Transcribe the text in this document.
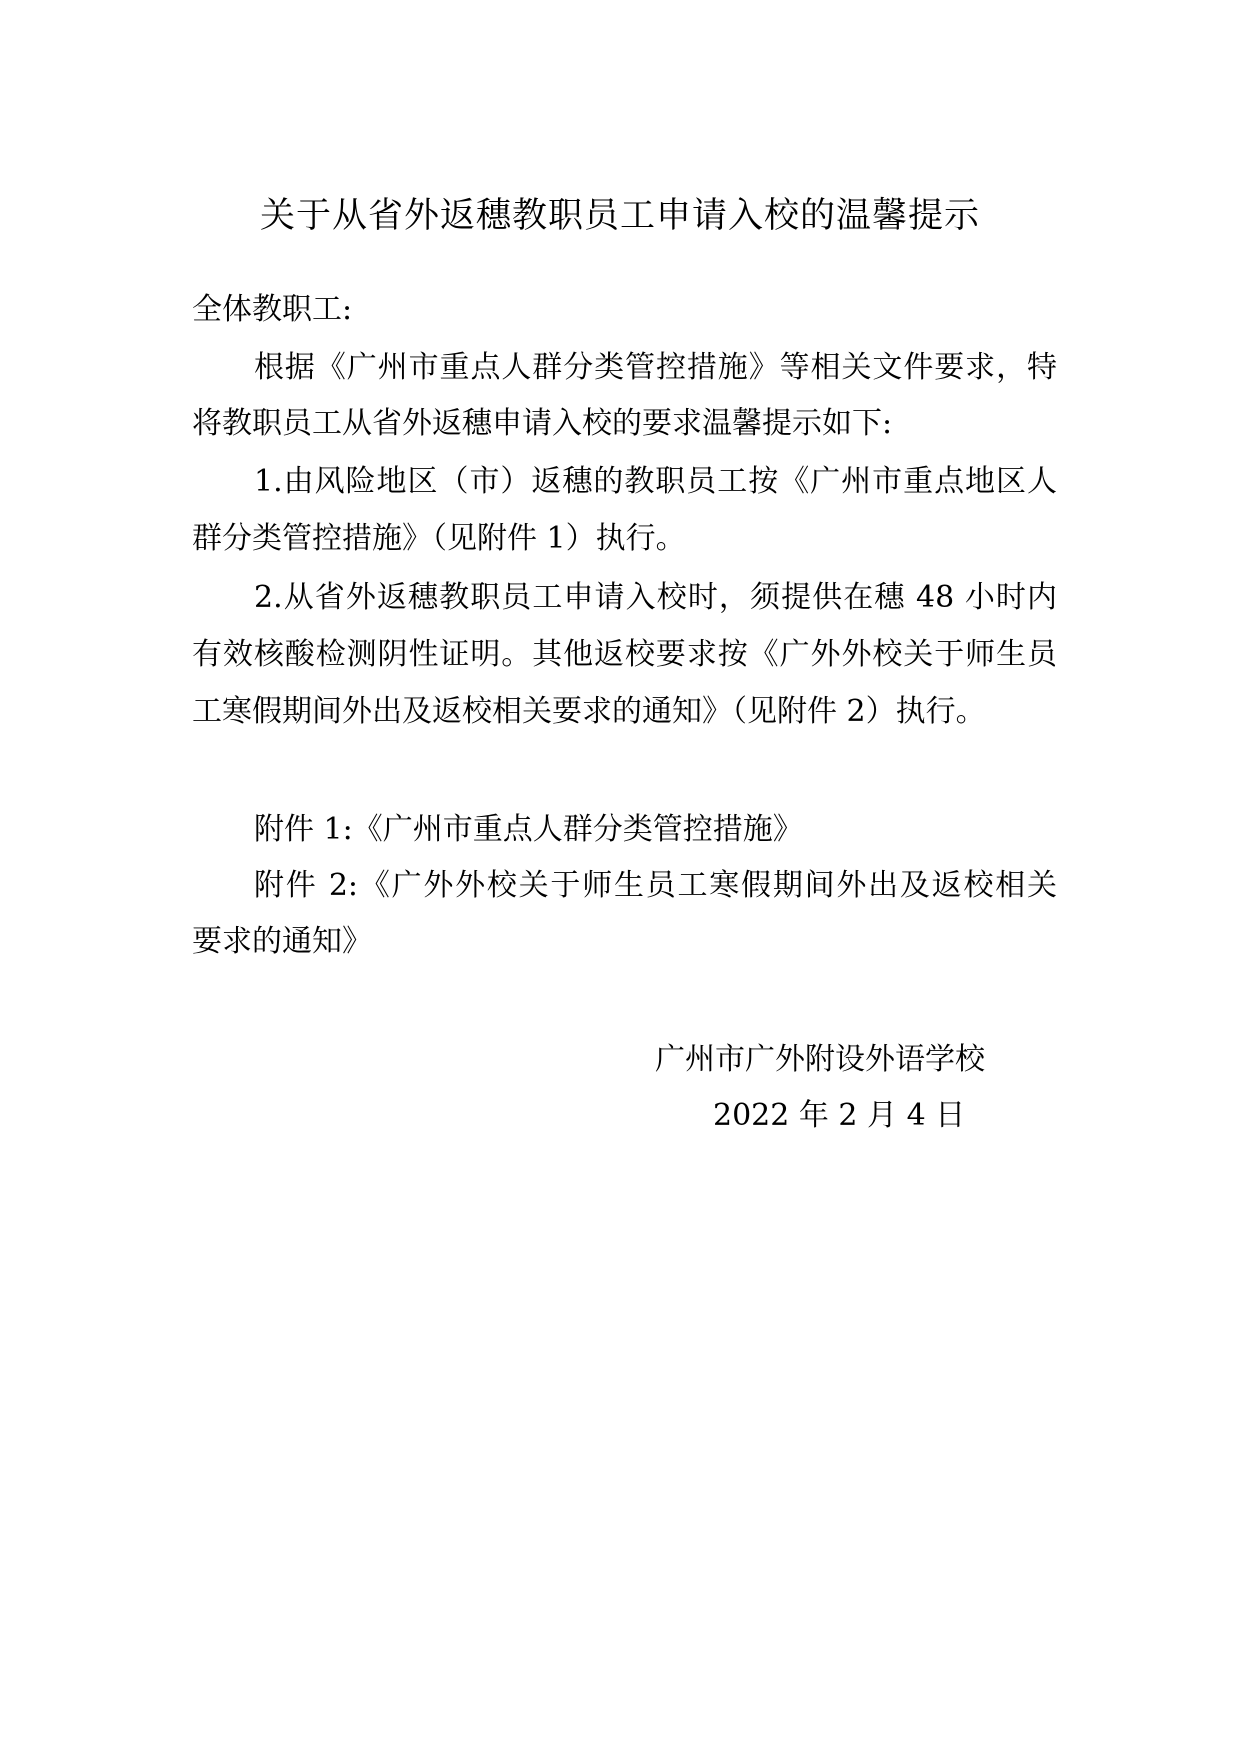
关于从省外返穗教职员工申请入校的温馨提示
全体教职工:
根据《广州市重点人群分类管控措施》等相关文件要求，特
将教职员工从省外返穗申请入校的要求温馨提示如下:
1.由风险地区（市）返穗的教职员工按《广州市重点地区人
群分类管控措施》（见附件 1）执行。
2.从省外返穗教职员工申请入校时，须提供在穗 48 小时内
有效核酸检测阴性证明。其他返校要求按《广外外校关于师生员
工寒假期间外出及返校相关要求的通知》（见附件 2）执行。
附件 1:《广州市重点人群分类管控措施》
附件 2:《广外外校关于师生员工寒假期间外出及返校相关
要求的通知》
广州市广外附设外语学校
2022 年 2 月 4 日
